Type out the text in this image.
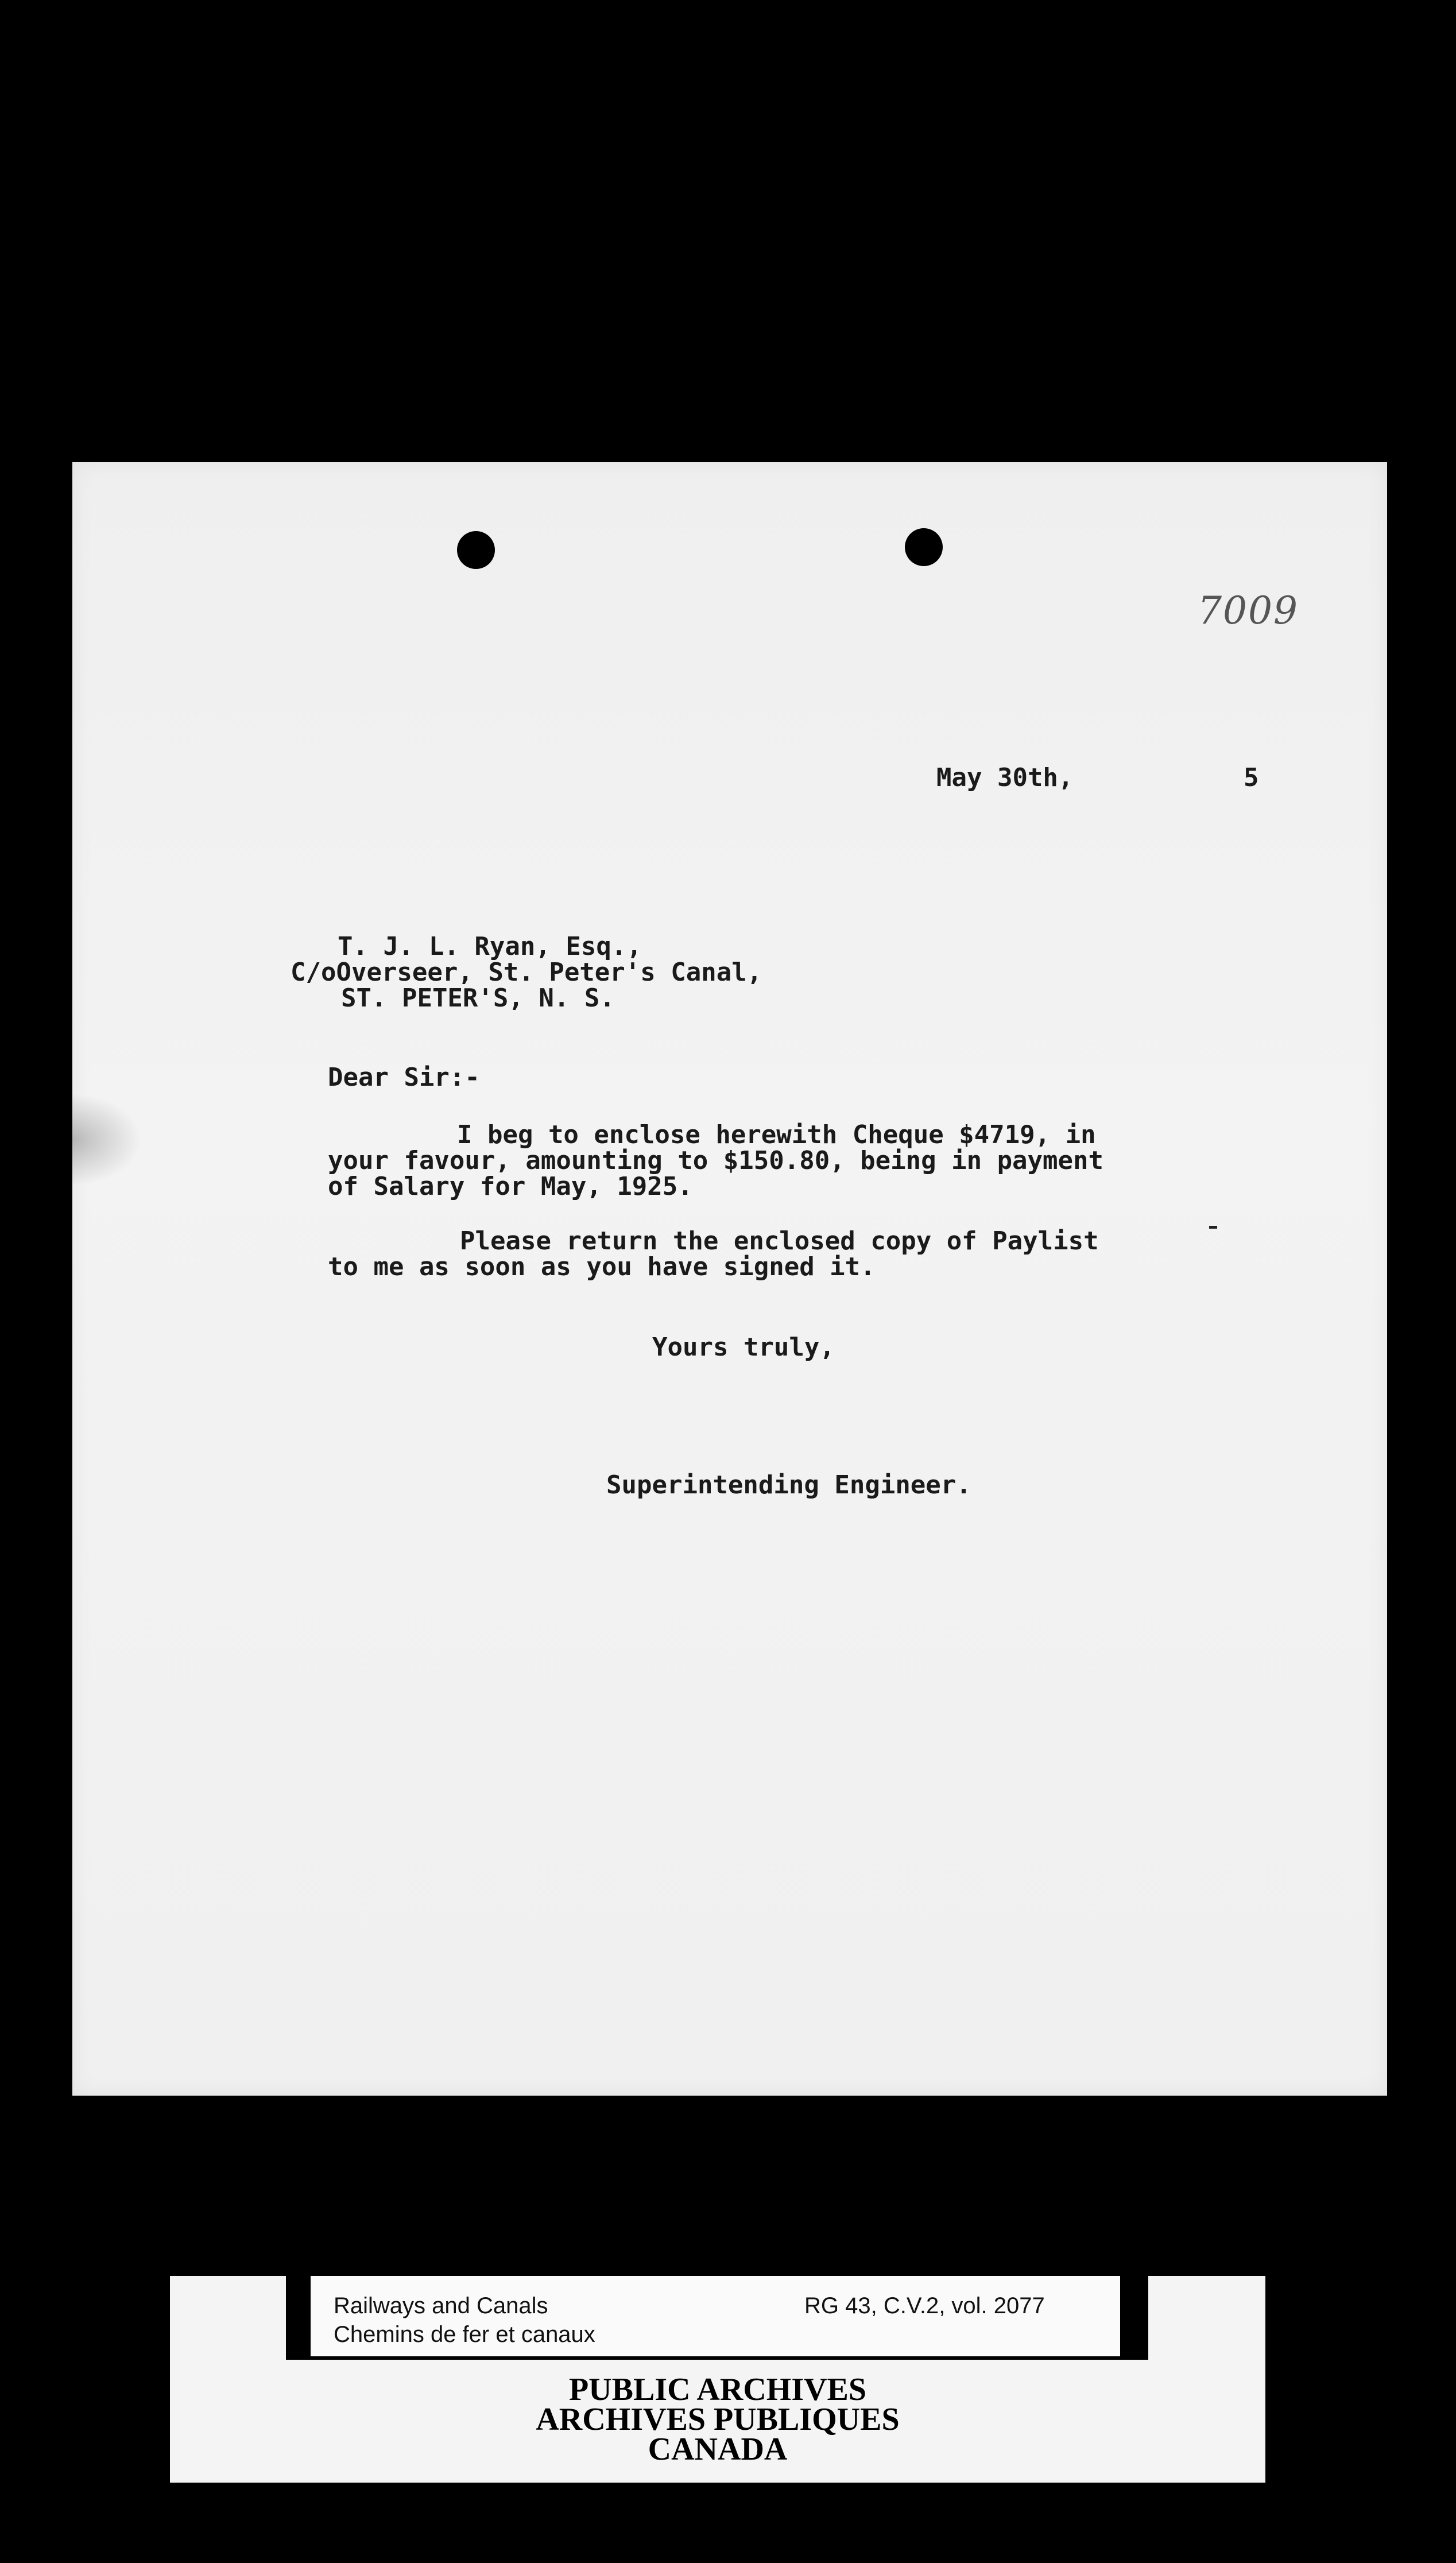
7009
May 30th,	5
T. J. L. Ryan, Esq.,
C/oOverseer, St. Peter's Canal,
ST. PETER'S, N. S.
Dear Sir:-
I beg to enclose herewith Cheque $4719, in
your favour, amounting to $150.80, being in payment
of Salary for May, 1925.
Please return the enclosed copy of Paylist
to me as soon as you have signed it.
Yours truly,
Superintending Engineer.
Railways and Canals
Chemins de fer et canaux
RG 43, C.V.2, vol. 2077
PUBLIC ARCHIVES
ARCHIVES PUBLIQUES
CANADA
